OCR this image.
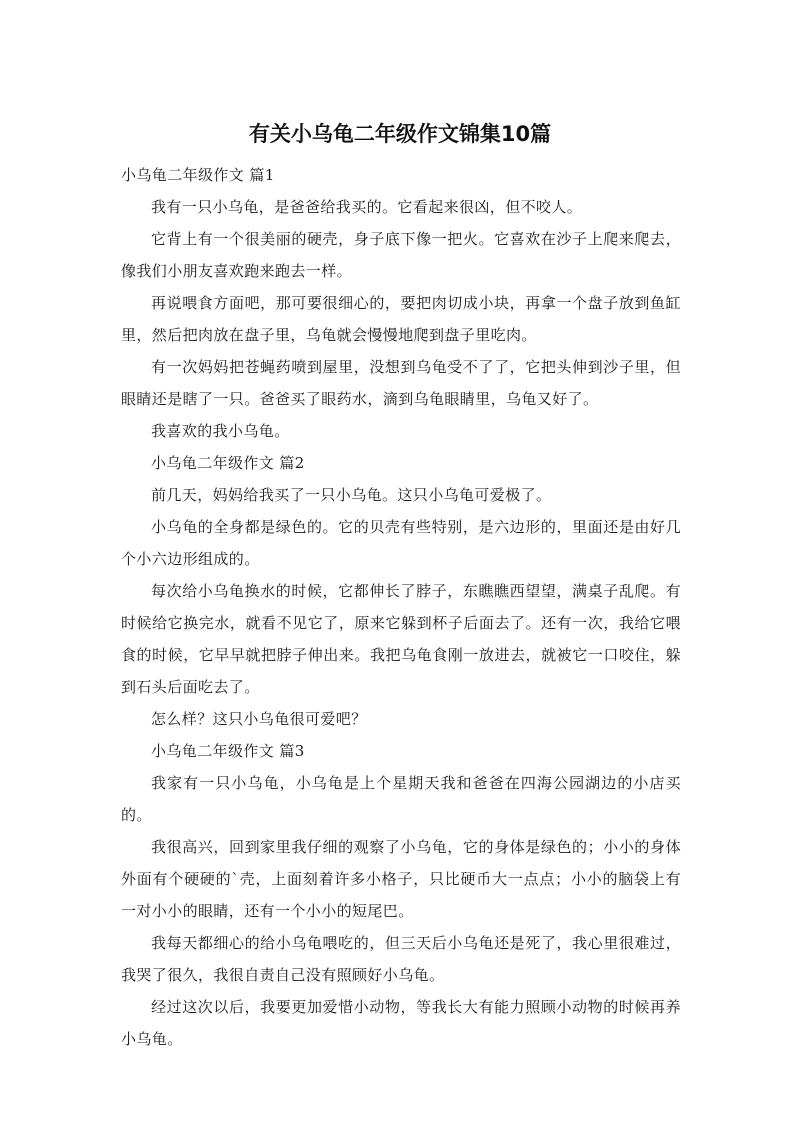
有关小乌龟二年级作文锦集10篇

小乌龟二年级作文 篇1

我有一只小乌龟，是爸爸给我买的。它看起来很凶，但不咬人。

它背上有一个很美丽的硬壳，身子底下像一把火。它喜欢在沙子上爬来爬去，像我们小朋友喜欢跑来跑去一样。

再说喂食方面吧，那可要很细心的，要把肉切成小块，再拿一个盘子放到鱼缸里，然后把肉放在盘子里，乌龟就会慢慢地爬到盘子里吃肉。

有一次妈妈把苍蝇药喷到屋里，没想到乌龟受不了了，它把头伸到沙子里，但眼睛还是瞎了一只。爸爸买了眼药水，滴到乌龟眼睛里，乌龟又好了。

我喜欢的我小乌龟。

小乌龟二年级作文 篇2

前几天，妈妈给我买了一只小乌龟。这只小乌龟可爱极了。

小乌龟的全身都是绿色的。它的贝壳有些特别，是六边形的，里面还是由好几个小六边形组成的。

每次给小乌龟换水的时候，它都伸长了脖子，东瞧瞧西望望，满桌子乱爬。有时候给它换完水，就看不见它了，原来它躲到杯子后面去了。还有一次，我给它喂食的时候，它早早就把脖子伸出来。我把乌龟食刚一放进去，就被它一口咬住，躲到石头后面吃去了。

怎么样？这只小乌龟很可爱吧？

小乌龟二年级作文 篇3

我家有一只小乌龟，小乌龟是上个星期天我和爸爸在四海公园湖边的小店买的。

我很高兴，回到家里我仔细的观察了小乌龟，它的身体是绿色的；小小的身体外面有个硬硬的`壳，上面刻着许多小格子，只比硬币大一点点；小小的脑袋上有一对小小的眼睛，还有一个小小的短尾巴。

我每天都细心的给小乌龟喂吃的，但三天后小乌龟还是死了，我心里很难过，我哭了很久，我很自责自己没有照顾好小乌龟。

经过这次以后，我要更加爱惜小动物，等我长大有能力照顾小动物的时候再养小乌龟。
